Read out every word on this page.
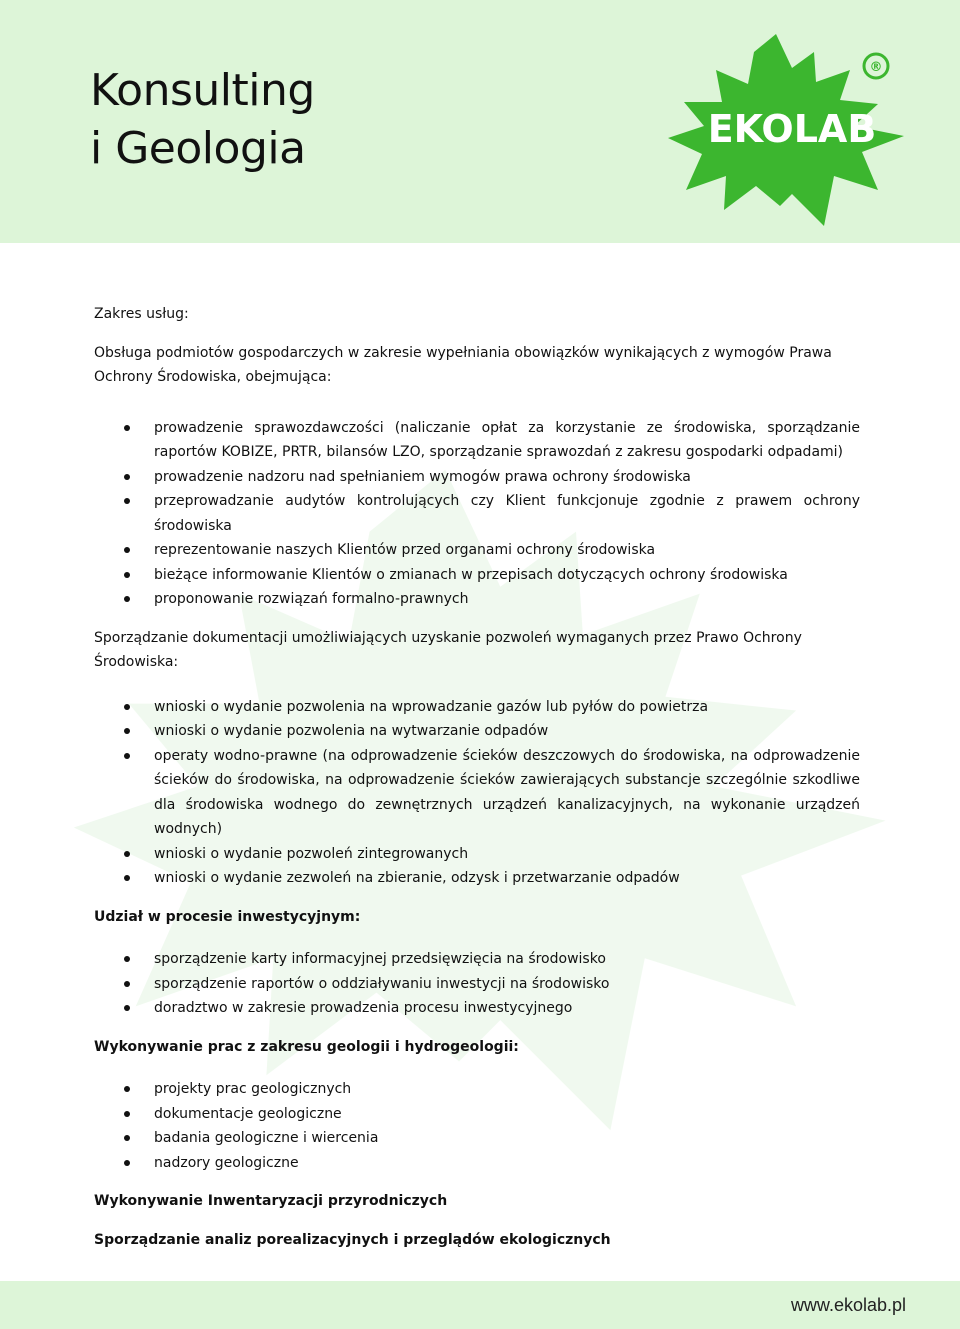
Konsulting
i Geologia	EKOLAB
®

Zakres usług:

Obsługa podmiotów gospodarczych w zakresie wypełniania obowiązków wynikających z wymogów Prawa Ochrony Środowiska, obejmująca:

prowadzenie sprawozdawczości (naliczanie opłat za korzystanie ze środowiska, sporządzanie raportów KOBIZE, PRTR, bilansów LZO, sporządzanie sprawozdań z zakresu gospodarki odpadami)
prowadzenie nadzoru nad spełnianiem wymogów prawa ochrony środowiska
przeprowadzanie audytów kontrolujących czy Klient funkcjonuje zgodnie z prawem ochrony środowiska
reprezentowanie naszych Klientów przed organami ochrony środowiska
bieżące informowanie Klientów o zmianach w przepisach dotyczących ochrony środowiska
proponowanie rozwiązań formalno-prawnych

Sporządzanie dokumentacji umożliwiających uzyskanie pozwoleń wymaganych przez Prawo Ochrony Środowiska:

wnioski o wydanie pozwolenia na wprowadzanie gazów lub pyłów do powietrza
wnioski o wydanie pozwolenia na wytwarzanie odpadów
operaty wodno-prawne (na odprowadzenie ścieków deszczowych do środowiska, na odprowadzenie ścieków do środowiska, na odprowadzenie ścieków zawierających substancje szczególnie szkodliwe dla środowiska wodnego do zewnętrznych urządzeń kanalizacyjnych, na wykonanie urządzeń wodnych)
wnioski o wydanie pozwoleń zintegrowanych
wnioski o wydanie zezwoleń na zbieranie, odzysk i przetwarzanie odpadów

Udział w procesie inwestycyjnym:

sporządzenie karty informacyjnej przedsięwzięcia na środowisko
sporządzenie raportów o oddziaływaniu inwestycji na środowisko
doradztwo w zakresie prowadzenia procesu inwestycyjnego

Wykonywanie prac z zakresu geologii i hydrogeologii:

projekty prac geologicznych
dokumentacje geologiczne
badania geologiczne i wiercenia
nadzory geologiczne

Wykonywanie Inwentaryzacji przyrodniczych

Sporządzanie analiz porealizacyjnych i przeglądów ekologicznych

www.ekolab.pl
